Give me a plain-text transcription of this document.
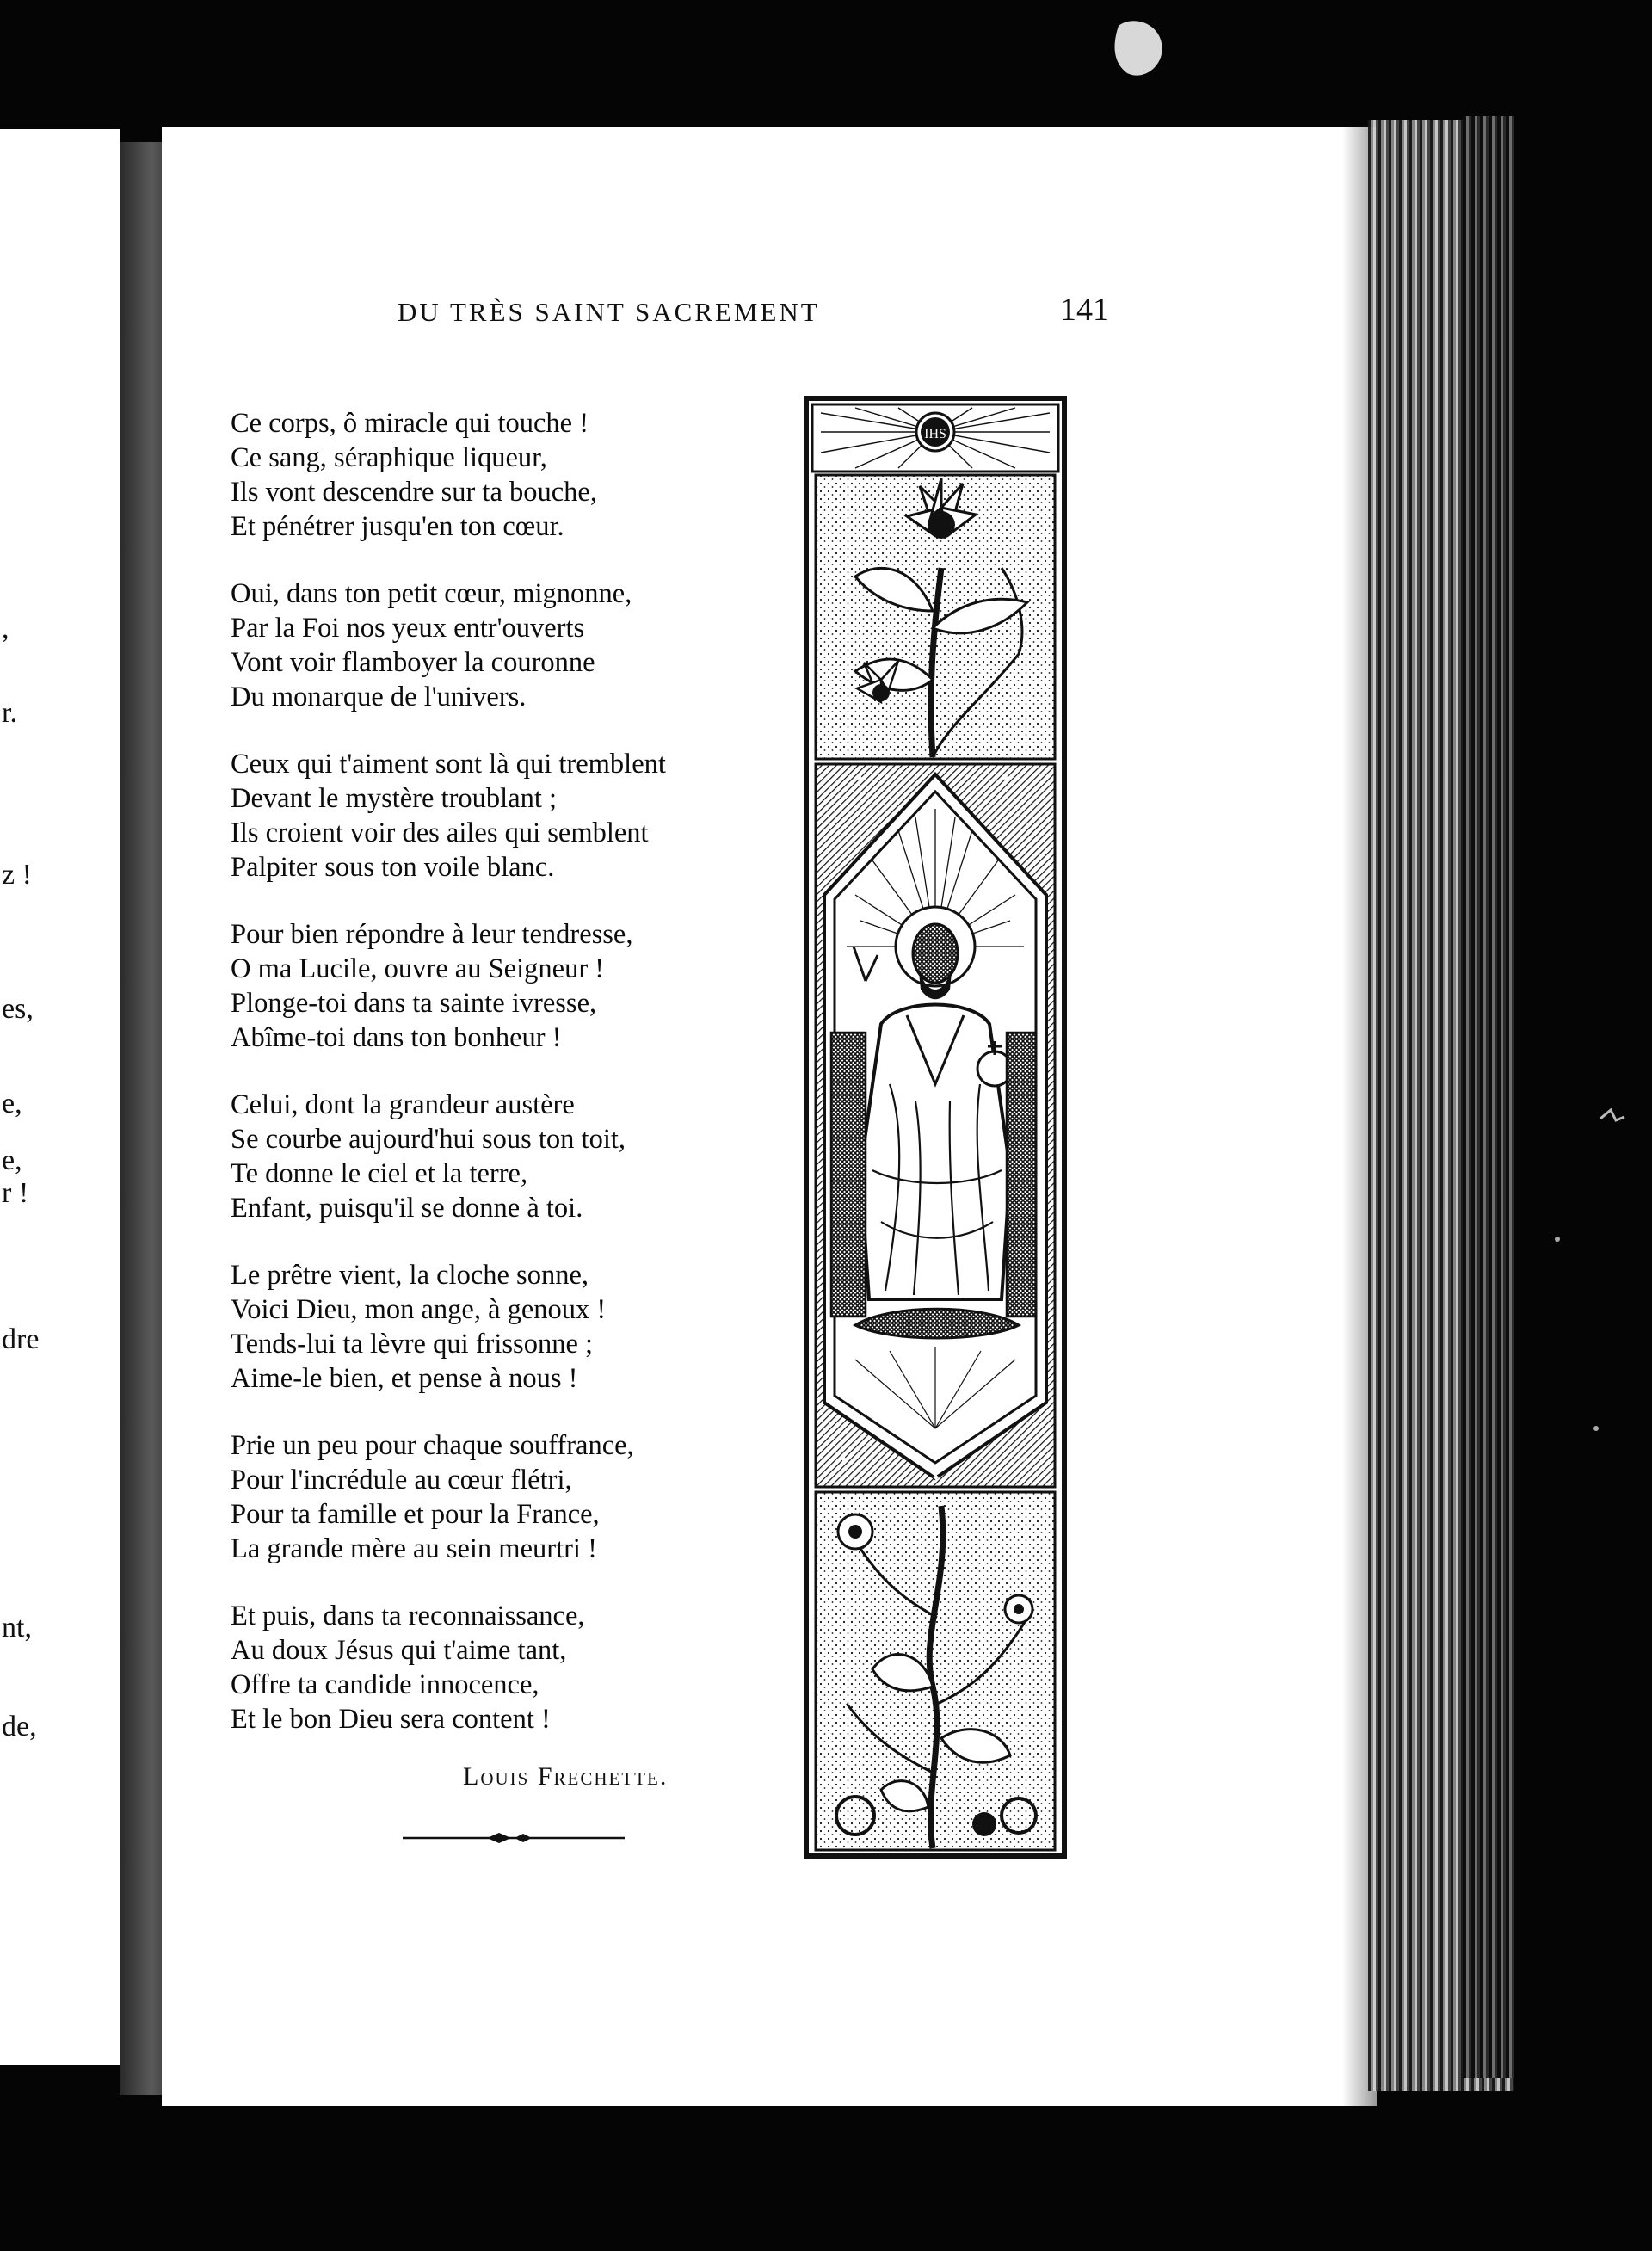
,
r.
z !
es,
e,
e,
r !
dre
nt,
de,
DU TRÈS SAINT SACREMENT	141
Ce corps, ô miracle qui touche !
Ce sang, séraphique liqueur,
Ils vont descendre sur ta bouche,
Et pénétrer jusqu'en ton cœur.
Oui, dans ton petit cœur, mignonne,
Par la Foi nos yeux entr'ouverts
Vont voir flamboyer la couronne
Du monarque de l'univers.
Ceux qui t'aiment sont là qui tremblent
Devant le mystère troublant ;
Ils croient voir des ailes qui semblent
Palpiter sous ton voile blanc.
Pour bien répondre à leur tendresse,
O ma Lucile, ouvre au Seigneur !
Plonge-toi dans ta sainte ivresse,
Abîme-toi dans ton bonheur !
Celui, dont la grandeur austère
Se courbe aujourd'hui sous ton toit,
Te donne le ciel et la terre,
Enfant, puisqu'il se donne à toi.
Le prêtre vient, la cloche sonne,
Voici Dieu, mon ange, à genoux !
Tends-lui ta lèvre qui frissonne ;
Aime-le bien, et pense à nous !
Prie un peu pour chaque souffrance,
Pour l'incrédule au cœur flétri,
Pour ta famille et pour la France,
La grande mère au sein meurtri !
Et puis, dans ta reconnaissance,
Au doux Jésus qui t'aime tant,
Offre ta candide innocence,
Et le bon Dieu sera content !
Louis Frechette.
IHS
✦	✦
✦	✦
✦
